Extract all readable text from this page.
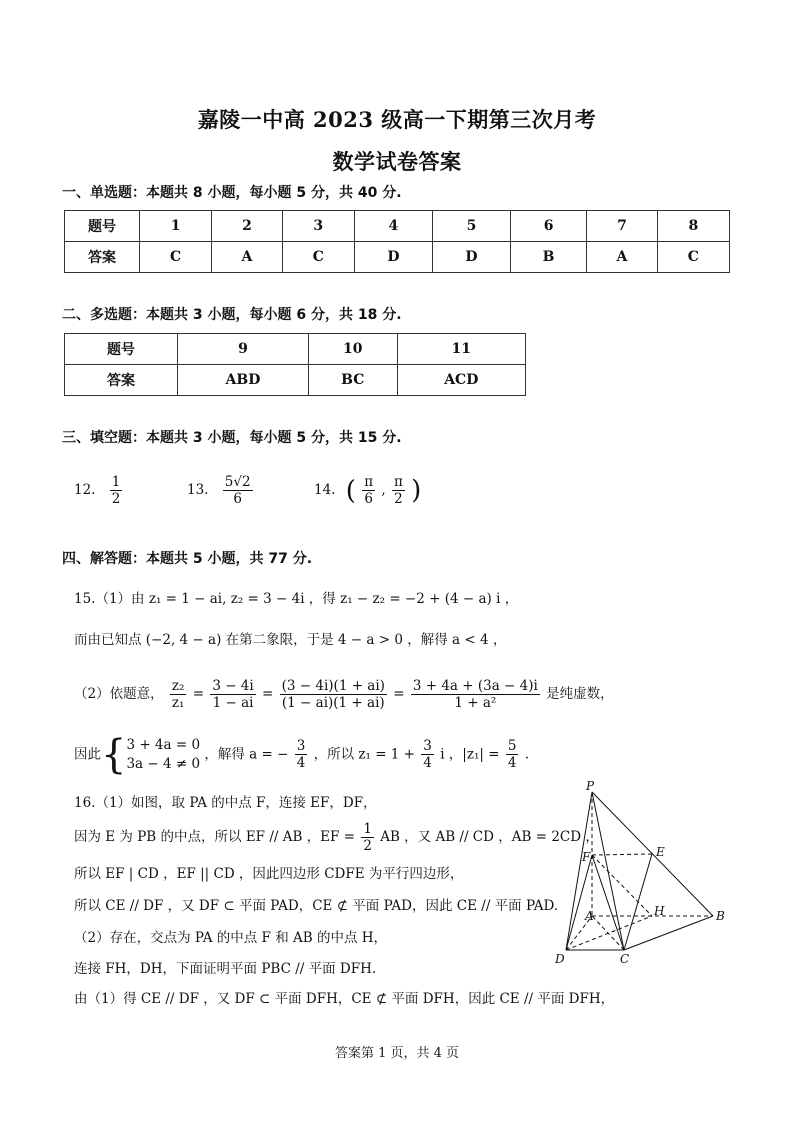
嘉陵一中高 2023 级高一下期第三次月考
数学试卷答案
一、单选题：本题共 8 小题，每小题 5 分，共 40 分.
题号	1	2	3	4	5	6	7	8
答案	C	A	C	D	D	B	A	C
二、多选题：本题共 3 小题，每小题 6 分，共 18 分.
题号	9	10	11
答案	ABD	BC	ACD
三、填空题：本题共 3 小题，每小题 5 分，共 15 分.
12. $\frac{1}{2}$	13. $\frac{5√2}{6}$	14. ( $\frac{\pi}{6}$ , $\frac{\pi}{2}$ )
四、解答题：本题共 5 小题，共 77 分.
15.（1）由 z₁ = 1 − ai, z₂ = 3 − 4i ，得 z₁ − z₂ = −2 + (4 − a) i ，
而由已知点 (−2, 4 − a) 在第二象限，于是 4 − a > 0 ，解得 a < 4 ，
（2）依题意， $\frac{\text{z₂}}{\text{z₁}} = \frac{3 - 4i}{1 - ai} = \frac{(3 - 4i)(1 + ai)}{(1 - ai)(1 + ai)} = \frac{3 + 4a + (3a - 4)i}{\text{1 + a²}}$ 是纯虚数，
因此{ 3 + 4a = 0
3a − 4 ≠ 0
，解得 a = − $\frac{3}{4}$ ，所以 $z_1 = 1 + \frac{3}{4}$ i ，$|z_1| = \frac{5}{4}$ .
16.（1）如图，取 PA 的中点 F，连接 EF，DF，
因为 E 为 PB 的中点，所以 EF // AB ，EF = $\frac{1}{2}$ AB ，又 AB // CD ，AB = 2CD ，
所以 EF | CD ，EF || CD ，因此四边形 CDFE 为平行四边形，
所以 CE // DF ，又 DF ⊂ 平面 PAD，CE ⊄ 平面 PAD，因此 CE // 平面 PAD.
（2）存在，交点为 PA 的中点 F 和 AB 的中点 H，
连接 FH，DH，下面证明平面 PBC // 平面 DFH.
由（1）得 CE // DF ，又 DF ⊂ 平面 DFH，CE ⊄ 平面 DFH，因此 CE // 平面 DFH，
P
E
F
A	H	B
D	C
答案第 1 页，共 4 页
